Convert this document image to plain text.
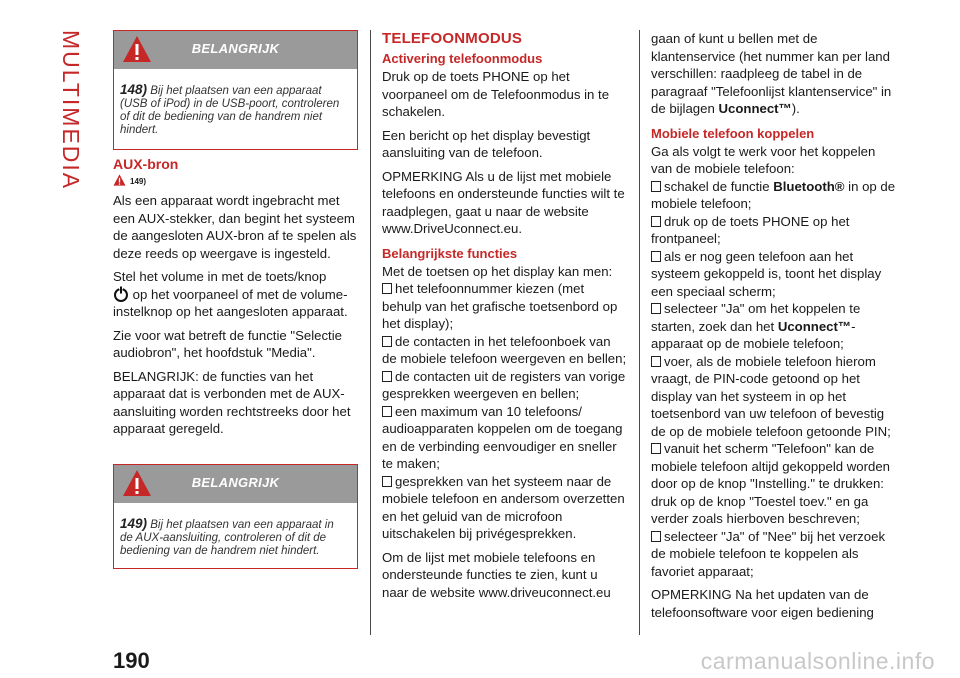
MULTIMEDIA	BELANGRIJK
148) Bij het plaatsen van een apparaat (USB of iPod) in de USB-poort, controleren of dit de bediening van de handrem niet hindert.
AUX-bron
149)

Als een apparaat wordt ingebracht met een AUX-stekker, dan begint het systeem de aangesloten AUX-bron af te spelen als deze reeds op weergave is ingesteld.

Stel het volume in met de toets/knop
op het voorpaneel of met de volume-instelknop op het aangesloten apparaat.

Zie voor wat betreft de functie "Selectie audiobron", het hoofdstuk "Media".

BELANGRIJK: de functies van het apparaat dat is verbonden met de AUX-aansluiting worden rechtstreeks door het apparaat geregeld.

BELANGRIJK
149) Bij het plaatsen van een apparaat in de AUX-aansluiting, controleren of dit de bediening van de handrem niet hindert.
TELEFOONMODUS
Activering telefoonmodus

Druk op de toets PHONE op het voorpaneel om de Telefoonmodus in te schakelen.

Een bericht op het display bevestigt aansluiting van de telefoon.

OPMERKING Als u de lijst met mobiele telefoons en ondersteunde functies wilt te raadplegen, gaat u naar de website www.DriveUconnect.eu.

Belangrijkste functies

Met de toetsen op het display kan men:

het telefoonnummer kiezen (met behulp van het grafische toetsenbord op het display);

de contacten in het telefoonboek van de mobiele telefoon weergeven en bellen;

de contacten uit de registers van vorige gesprekken weergeven en bellen;

een maximum van 10 telefoons/ audioapparaten koppelen om de toegang en de verbinding eenvoudiger en sneller te maken;

gesprekken van het systeem naar de mobiele telefoon en andersom overzetten en het geluid van de microfoon uitschakelen bij privégesprekken.

Om de lijst met mobiele telefoons en ondersteunde functies te zien, kunt u naar de website www.driveuconnect.eu

gaan of kunt u bellen met de klantenservice (het nummer kan per land verschillen: raadpleeg de tabel in de paragraaf "Telefoonlijst klantenservice" in de bijlagen Uconnect™).

Mobiele telefoon koppelen

Ga als volgt te werk voor het koppelen van de mobiele telefoon:

schakel de functie Bluetooth® in op de mobiele telefoon;

druk op de toets PHONE op het frontpaneel;

als er nog geen telefoon aan het systeem gekoppeld is, toont het display een speciaal scherm;

selecteer "Ja" om het koppelen te starten, zoek dan het Uconnect™-apparaat op de mobiele telefoon;

voer, als de mobiele telefoon hierom vraagt, de PIN-code getoond op het display van het systeem in op het toetsenbord van uw telefoon of bevestig de op de mobiele telefoon getoonde PIN;

vanuit het scherm "Telefoon" kan de mobiele telefoon altijd gekoppeld worden door op de knop "Instelling." te drukken: druk op de knop "Toestel toev." en ga verder zoals hierboven beschreven;

selecteer "Ja" of "Nee" bij het verzoek de mobiele telefoon te koppelen als favoriet apparaat;

OPMERKING Na het updaten van de telefoonsoftware voor eigen bediening

190	carmanualsonline.info
